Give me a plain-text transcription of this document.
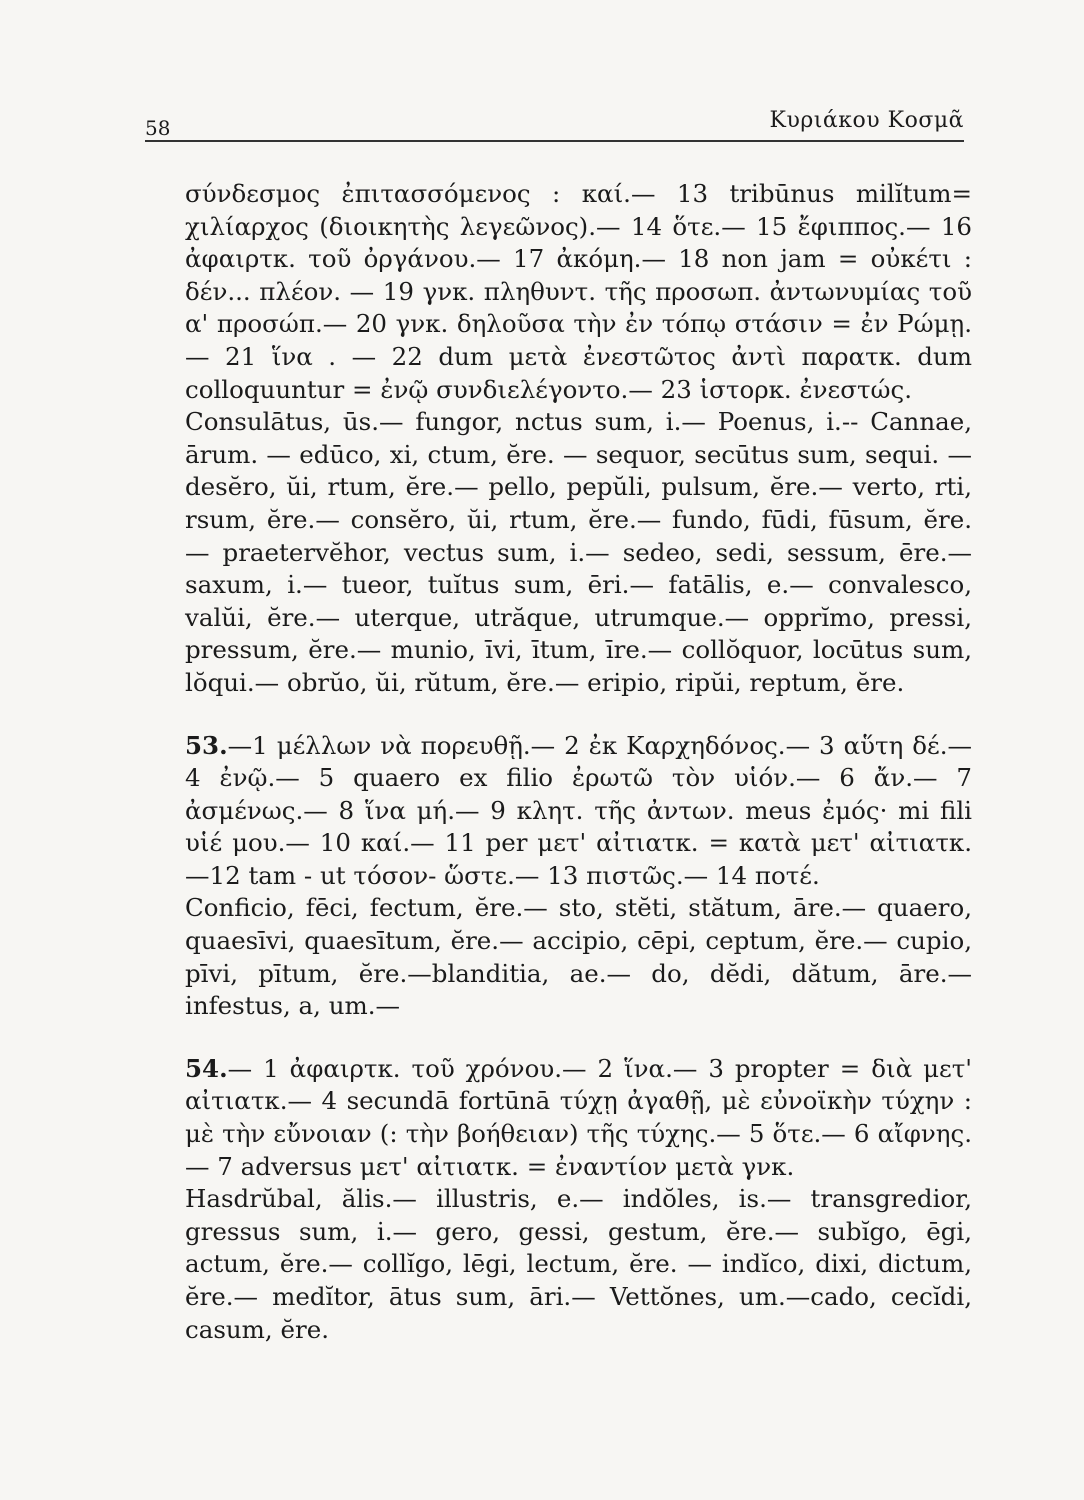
58	Κυριάκου Κοσμᾶ

σύνδεσμος ἐπιτασσόμενος : καί.— 13 tribūnus milĭtum= χιλίαρχος (διοικητὴς λεγεῶνος).— 14 ὅτε.— 15 ἔφιππος.— 16 ἀφαιρτκ. τοῦ ὀργάνου.— 17 ἀκόμη.— 18 non jam = οὐκέτι : δέν... πλέον. — 19 γνκ. πληθυντ. τῆς προσωπ. ἀντωνυμίας τοῦ α' προσώπ.— 20 γνκ. δηλοῦσα τὴν ἐν τόπῳ στάσιν = ἐν Ρώμῃ.— 21 ἵνα . — 22 dum μετὰ ἐνεστῶτος ἀντὶ παρατκ. dum colloquuntur = ἐνῷ συνδιελέγοντο.— 23 ἱστορκ. ἐνεστώς.

Consulātus, ūs.— fungor, nctus sum, i.— Poenus, i.-- Cannae, ārum. — edūco, xi, ctum, ĕre. — sequor, secūtus sum, sequi. — desĕro, ŭi, rtum, ĕre.— pello, pepŭli, pulsum, ĕre.— verto, rti, rsum, ĕre.— consĕro, ŭi, rtum, ĕre.— fundo, fūdi, fūsum, ĕre. — praetervĕhor, vectus sum, i.— sedeo, sedi, sessum, ēre.— saxum, i.— tueor, tuĭtus sum, ēri.— fatālis, e.— convalesco, valŭi, ĕre.— uterque, utrăque, utrumque.— opprĭmo, pressi, pressum, ĕre.— munio, īvi, ītum, īre.— collŏquor, locūtus sum, lŏqui.— obrŭo, ŭi, rŭtum, ĕre.— eripio, ripŭi, reptum, ĕre.

53.—1 μέλλων νὰ πορευθῇ.— 2 ἐκ Καρχηδόνος.— 3 αὕτη δέ.— 4 ἐνῷ.— 5 quaero ex filio ἐρωτῶ τὸν υἱόν.— 6 ἄν.— 7 ἀσμένως.— 8 ἵνα μή.— 9 κλητ. τῆς ἀντων. meus ἐμός· mi fili υἱέ μου.— 10 καί.— 11 per μετ' αἰτιατκ. = κατὰ μετ' αἰτιατκ. —12 tam - ut τόσον- ὥστε.— 13 πιστῶς.— 14 ποτέ.

Conficio, fēci, fectum, ĕre.— sto, stĕti, stătum, āre.— quaero, quaesīvi, quaesītum, ĕre.— accipio, cēpi, ceptum, ĕre.— cupio, pīvi, pītum, ĕre.—blanditia, ae.— do, dĕdi, dătum, āre.— infestus, a, um.—

54.— 1 ἀφαιρτκ. τοῦ χρόνου.— 2 ἵνα.— 3 propter = διὰ μετ' αἰτιατκ.— 4 secundā fortūnā τύχῃ ἀγαθῇ, μὲ εὐνοϊκὴν τύχην : μὲ τὴν εὔνοιαν (: τὴν βοήθειαν) τῆς τύχης.— 5 ὅτε.— 6 αἴφνης.— 7 adversus μετ' αἰτιατκ. = ἐναντίον μετὰ γνκ.

Hasdrŭbal, ălis.— illustris, e.— indŏles, is.— transgredior, gressus sum, i.— gero, gessi, gestum, ĕre.— subĭgo, ēgi, actum, ĕre.— collĭgo, lēgi, lectum, ĕre. — indĭco, dixi, dictum, ĕre.— medĭtor, ātus sum, āri.— Vettŏnes, um.—cado, cecĭdi, casum, ĕre.
